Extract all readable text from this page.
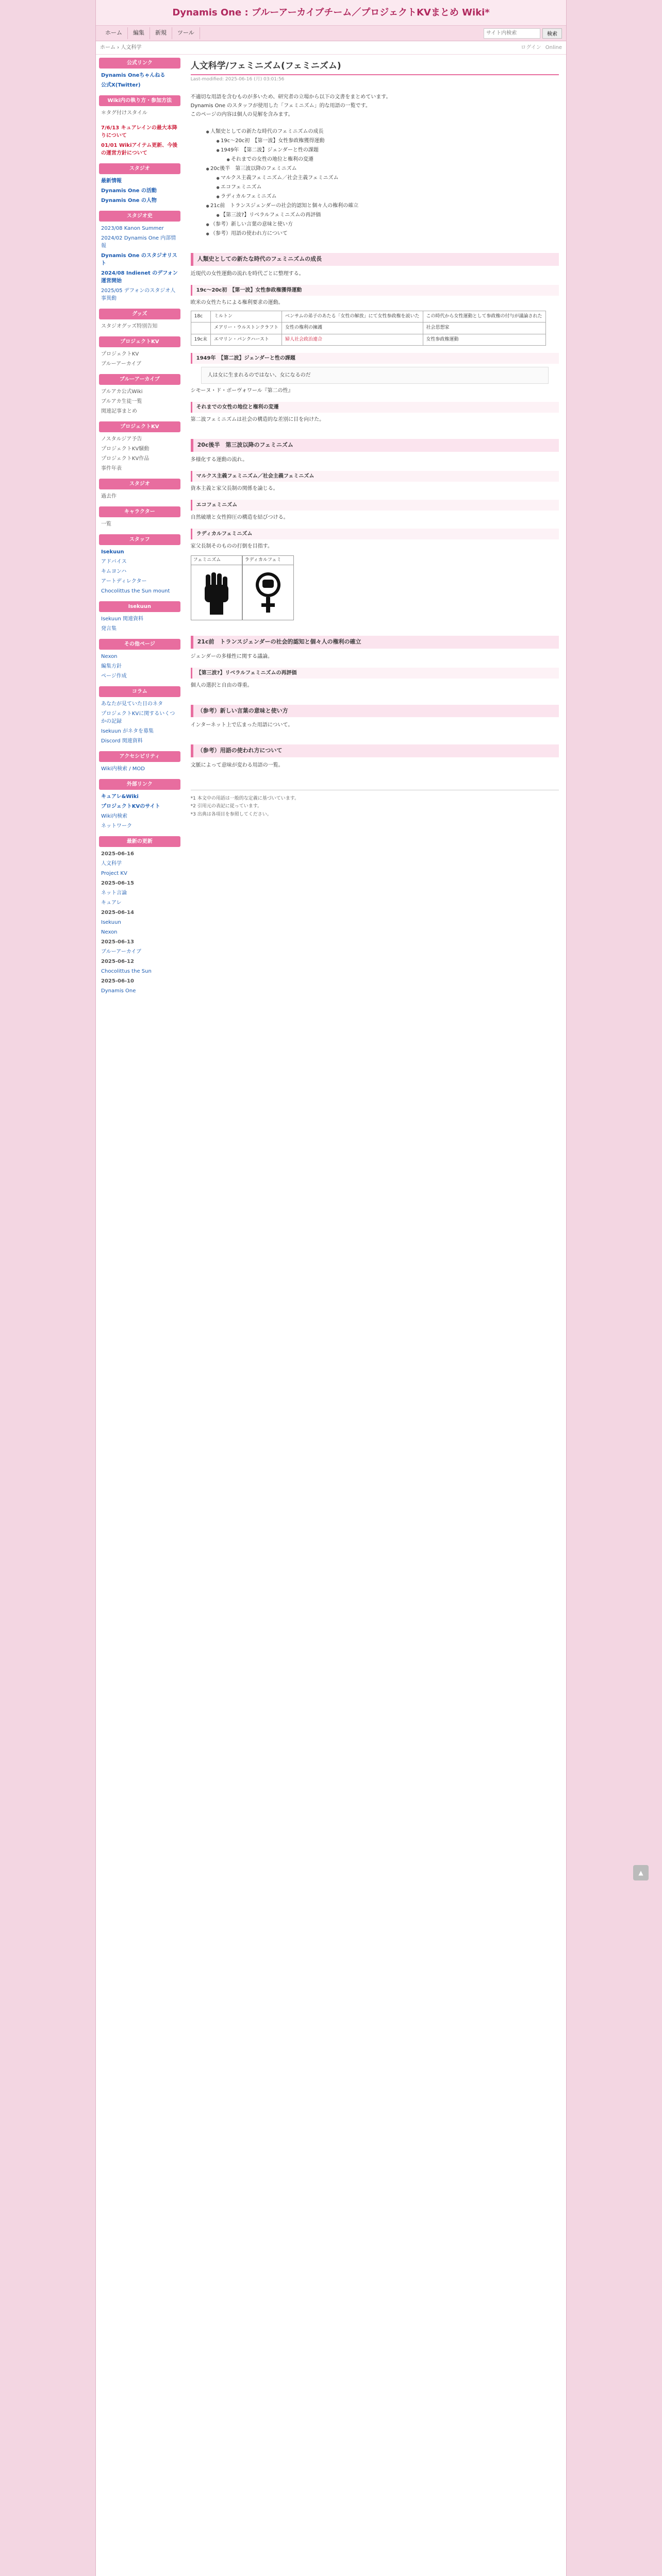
Dynamis One : ブルーアーカイブチーム／プロジェクトKVまとめ Wiki*
ホーム	編集	新規	ツール
サイト内検索	検索
ホーム › 人文科学	ログイン Online
公式リンク
Dynamis Oneちゃんねる
公式X(Twitter)
Wiki内の執り方・参加方法
＊タグ付けスタイル
7/6/13 キュアレインの最大本降りについて
01/01 Wikiアイテム更新、今後の運営方針について
スタジオ
最新情報
Dynamis One の活動
Dynamis One の人物
スタジオ史
2023/08 Kanon Summer
2024/02 Dynamis One 内部情報
Dynamis One のスタジオリスト
2024/08 Indienet のデフォン運営開始
2025/05 デフォンのスタジオ人事異動
グッズ
スタジオグッズ特別告知
プロジェクトKV
プロジェクトKV
ブルーアーカイブ
ブルーアーカイブ
ブルアカ公式Wiki
ブルアカ生徒一覧
関連記事まとめ
プロジェクトKV
ノスタルジア予告
プロジェクトKV騒動
プロジェクトKV作品
事件年表
スタジオ
過去作
キャラクター
一覧
スタッフ
Isekuun
アドバイス
キムヨンハ
アートディレクター
Chocolittus the Sun mount
Isekuun
Isekuun 関連資料
発言集
その他ページ
Nexon
編集方針
ページ作成
コラム
あなたが見ていた日のネタ
プロジェクトKVに関するいくつかの記録
Isekuun がネタを募集
Discord 関連資料
アクセシビリティ
Wiki内検索 / MOD
外部リンク
キュアレ&Wiki
プロジェクトKVのサイト
Wiki内検索
ネットワーク
最新の更新
2025-06-16
人文科学
Project KV
2025-06-15
ネット言論
キュアレ
2025-06-14
Isekuun
Nexon
2025-06-13
ブルーアーカイブ
2025-06-12
Chocolittus the Sun
2025-06-10
Dynamis One
人文科学/フェミニズム(フェミニズム)
Last-modified: 2025-06-16 (月) 03:01:56

不適切な用語を含むものが多いため、研究者の立場から以下の文書をまとめています。

Dynamis One のスタッフが使用した「フェミニズム」的な用語の一覧です。

このページの内容は個人の見解を含みます。

● 人類史としての新たな時代のフェミニズムの成長
● 19c〜20c初　【第一波】女性参政権獲得運動
● 1949年　【第二波】ジェンダーと性の課題
● それまでの女性の地位と権利の変遷
● 20c後半　第三波以降のフェミニズム
● マルクス主義フェミニズム／社会主義フェミニズム
● エコフェミニズム
● ラディカルフェミニズム
● 21c前　トランスジェンダーの社会的認知と個々人の権利の確立
● 【第三波?】リベラルフェミニズムの再評価
● （参考）新しい言葉の意味と使い方
● （参考）用語の使われ方について
人類史としての新たな時代のフェミニズムの成長

近現代の女性運動の流れを時代ごとに整理する。

19c〜20c初　【第一波】女性参政権獲得運動

欧米の女性たちによる権利要求の運動。

18c	ミルトン	ベンサムの弟子のあたる「女性の解放」にて女性参政権を説いた	この時代から女性運動として参政権の付与が議論された
	メアリー・ウルストンクラフト	女性の権利の擁護	社会思想家
19c末	エマリン・パンクハースト	婦人社会政治連合	女性参政権運動
1949年　【第二波】ジェンダーと性の課題
人は女に生まれるのではない、女になるのだ

シモーヌ・ド・ボーヴォワール『第二の性』

それまでの女性の地位と権利の変遷

第二波フェミニズムは社会の構造的な差別に目を向けた。

20c後半　第三波以降のフェミニズム

多様化する運動の流れ。

マルクス主義フェミニズム／社会主義フェミニズム

資本主義と家父長制の関係を論じる。

エコフェミニズム

自然破壊と女性抑圧の構造を結びつける。

ラディカルフェミニズム

家父長制そのものの打倒を目指す。

フェミニズム	ラディカルフェミ
21c前　トランスジェンダーの社会的認知と個々人の権利の確立

ジェンダーの多様性に関する議論。

【第三波?】リベラルフェミニズムの再評価

個人の選択と自由の尊重。

（参考）新しい言葉の意味と使い方

インターネット上で広まった用語について。

（参考）用語の使われ方について

文脈によって意味が変わる用語の一覧。

*1 本文中の用語は一般的な定義に基づいています。
*2 引用元の表記に従っています。
*3 出典は各項目を参照してください。
▲
